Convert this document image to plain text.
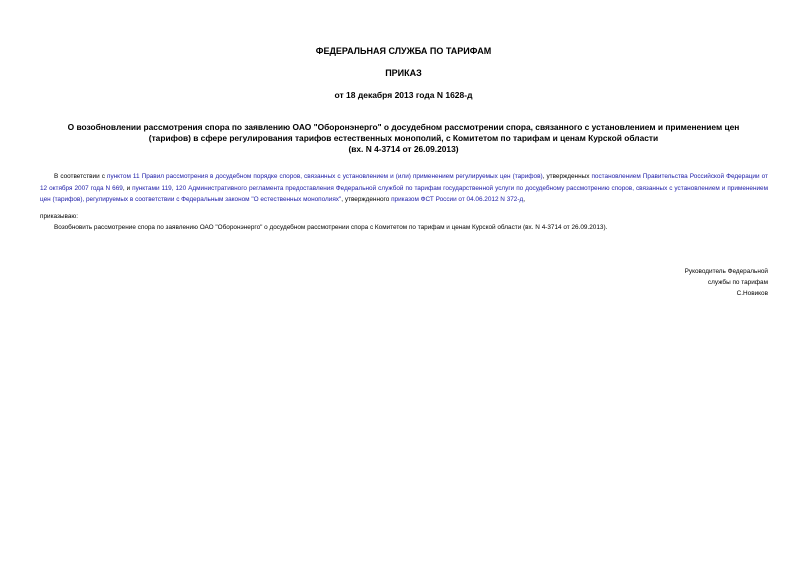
ФЕДЕРАЛЬНАЯ СЛУЖБА ПО ТАРИФАМ
ПРИКАЗ
от 18 декабря 2013 года N 1628-д
О возобновлении рассмотрения спора по заявлению ОАО "Оборонэнерго" о досудебном рассмотрении спора, связанного с установлением и применением цен
(тарифов) в сфере регулирования тарифов естественных монополий, с Комитетом по тарифам и ценам Курской области
(вх. N 4-3714 от 26.09.2013)
В соответствии с пунктом 11 Правил рассмотрения в досудебном порядке споров, связанных с установлением и (или) применением регулируемых цен (тарифов), утвержденных постановлением Правительства Российской Федерации от 12 октября 2007 года N 669, и пунктами 119, 120 Административного регламента предоставления Федеральной службой по тарифам государственной услуги по досудебному рассмотрению споров, связанных с установлением и применением цен (тарифов), регулируемых в соответствии с Федеральным законом "О естественных монополиях", утвержденного приказом ФСТ России от 04.06.2012 N 372-д,
приказываю:
Возобновить рассмотрение спора по заявлению ОАО "Оборонэнерго" о досудебном рассмотрении спора с Комитетом по тарифам и ценам Курской области (вх. N 4-3714 от 26.09.2013).
Руководитель Федеральной
службы по тарифам
С.Новиков
